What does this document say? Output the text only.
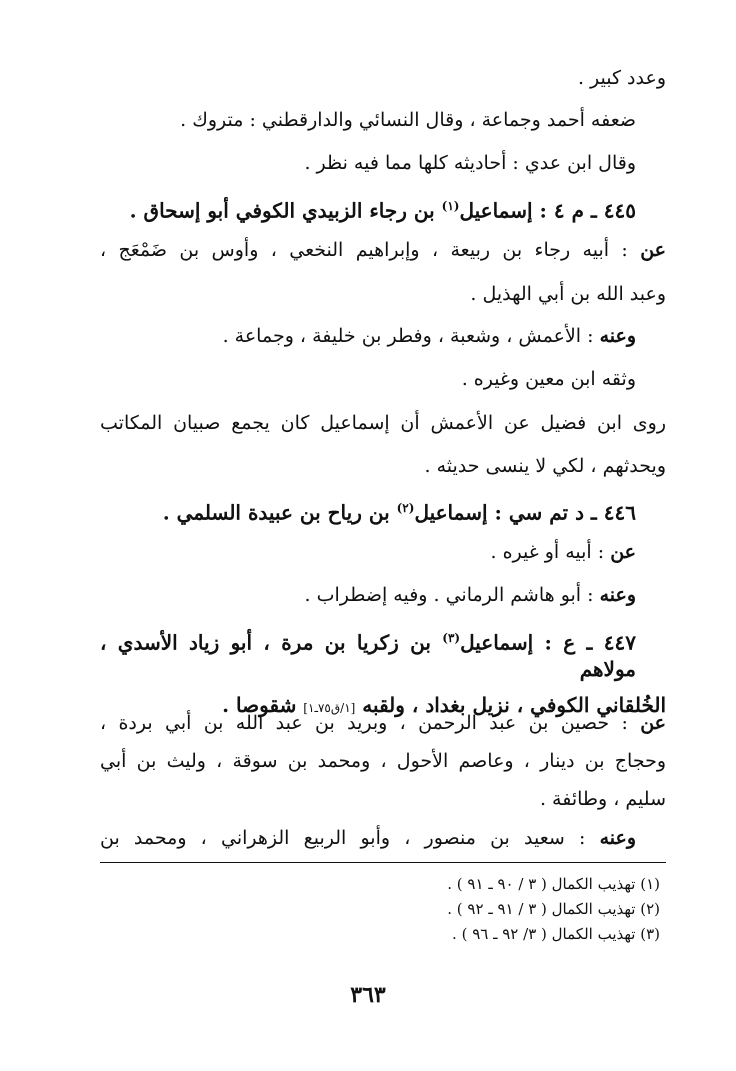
وعدد كبير .

ضعفه أحمد وجماعة ، وقال النسائي والدارقطني : متروك .

وقال ابن عدي : أحاديثه كلها مما فيه نظر .

٤٤٥ ـ م ٤ : إسماعيل$^{(١)}$ بن رجاء الزبيدي الكوفي أبو إسحاق .

عن : أبيه رجاء بن ربيعة ، وإبراهيم النخعي ، وأوس بن ضَمْعَج ،

وعبد الله بن أبي الهذيل .

وعنه : الأعمش ، وشعبة ، وفطر بن خليفة ، وجماعة .

وثقه ابن معين وغيره .

روى ابن فضيل عن الأعمش أن إسماعيل كان يجمع صبيان المكاتب

ويحدثهم ، لكي لا ينسى حديثه .

٤٤٦ ـ د تم سي : إسماعيل$^{(٢)}$ بن رياح بن عبيدة السلمي .

عن : أبيه أو غيره .

وعنه : أبو هاشم الرماني . وفيه إضطراب .

٤٤٧ ـ ع : إسماعيل$^{(٣)}$ بن زكريا بن مرة ، أبو زياد الأسدي ، مولاهم

الخُلقاني الكوفي ، نزيل بغداد ، ولقبه [١/ق٧٥ـ١] شقوصا .

عن : حصين بن عبد الرحمن ، وبريد بن عبد الله بن أبي بردة ،

وحجاج بن دينار ، وعاصم الأحول ، ومحمد بن سوقة ، وليث بن أبي

سليم ، وطائفة .

وعنه : سعيد بن منصور ، وأبو الربيع الزهراني ، ومحمد بن

(١) تهذيب الكمال ( ٣ / ٩٠ ـ ٩١ ) .

(٢) تهذيب الكمال ( ٣ / ٩١ ـ ٩٢ ) .

(٣) تهذيب الكمال ( ٣/ ٩٢ ـ ٩٦ ) .

٣٦٣
